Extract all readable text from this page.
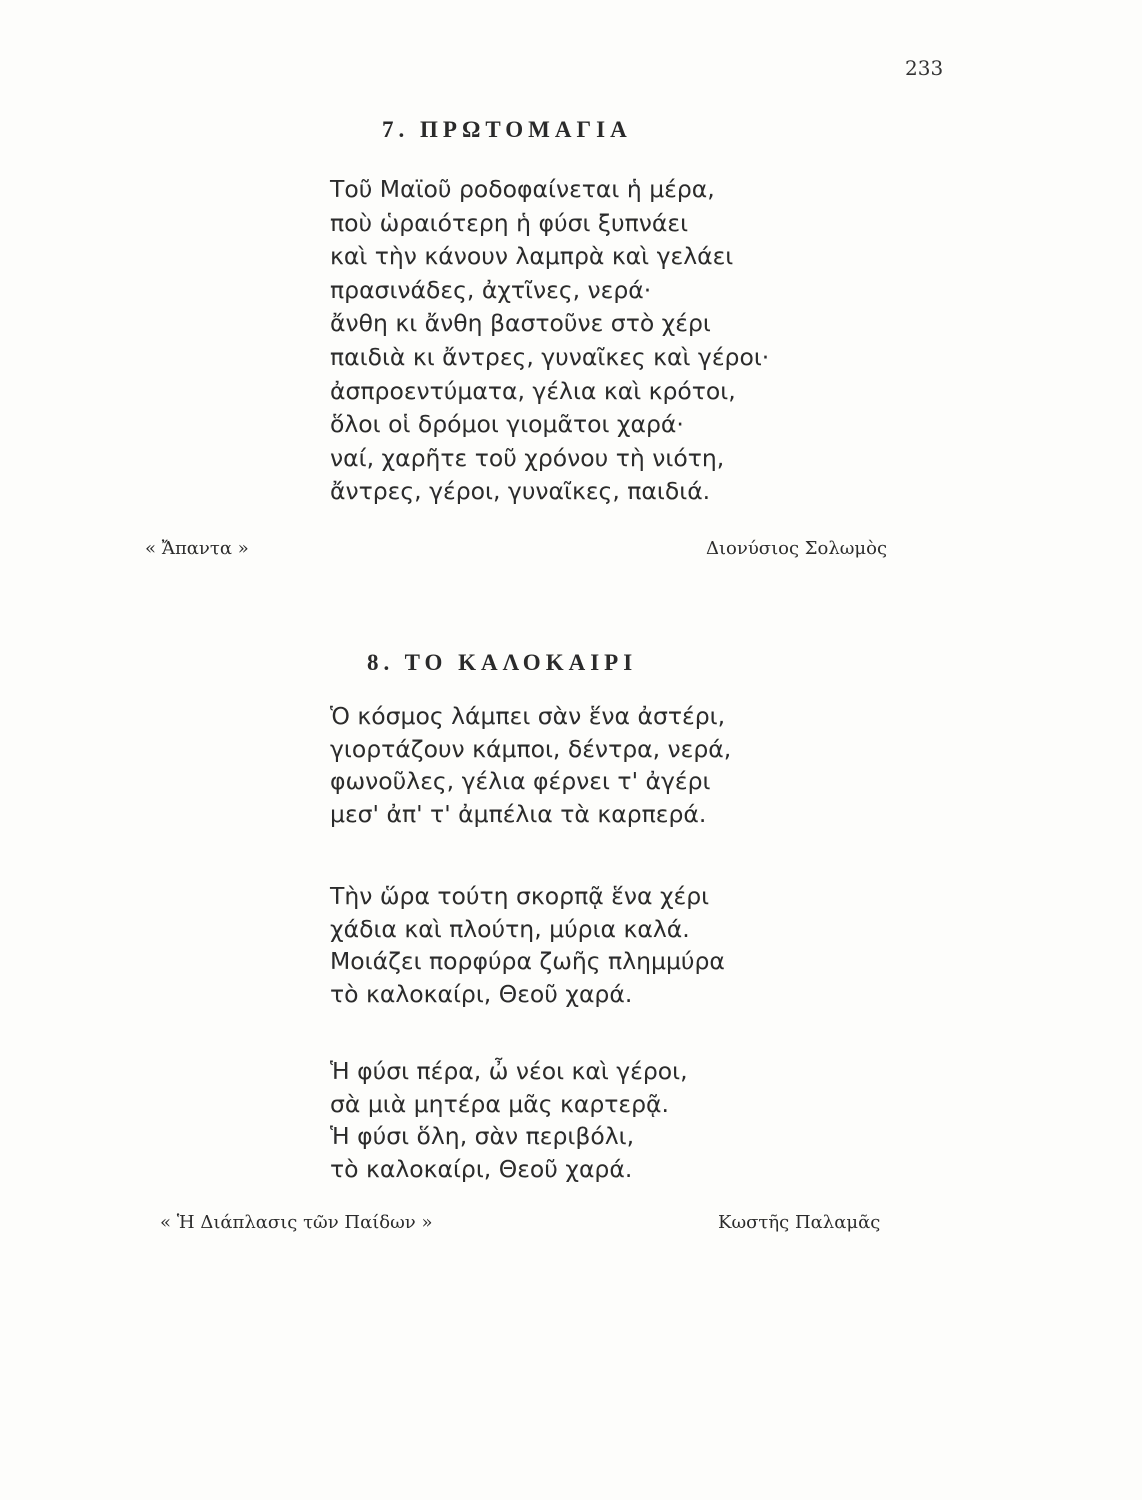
233
7. ΠΡΩΤΟΜΑΓΙΑ
Τοῦ Μαϊοῦ ροδοφαίνεται ἡ μέρα,
ποὺ ὡραιότερη ἡ φύσι ξυπνάει
καὶ τὴν κάνουν λαμπρὰ καὶ γελάει
πρασινάδες, ἀχτῖνες, νερά·
ἄνθη κι ἄνθη βαστοῦνε στὸ χέρι
παιδιὰ κι ἄντρες, γυναῖκες καὶ γέροι·
ἀσπροεντύματα, γέλια καὶ κρότοι,
ὅλοι οἱ δρόμοι γιομᾶτοι χαρά·
ναί, χαρῆτε τοῦ χρόνου τὴ νιότη,
ἄντρες, γέροι, γυναῖκες, παιδιά.
« Ἄπαντα »	Διονύσιος Σολωμὸς
8. ΤΟ ΚΑΛΟΚΑΙΡΙ
Ὁ κόσμος λάμπει σὰν ἕνα ἀστέρι,
γιορτάζουν κάμποι, δέντρα, νερά,
φωνοῦλες, γέλια φέρνει τ' ἀγέρι
μεσ' ἀπ' τ' ἀμπέλια τὰ καρπερά.
Τὴν ὥρα τούτη σκορπᾷ ἕνα χέρι
χάδια καὶ πλούτη, μύρια καλά.
Μοιάζει πορφύρα ζωῆς πλημμύρα
τὸ καλοκαίρι, Θεοῦ χαρά.
Ἡ φύσι πέρα, ὦ νέοι καὶ γέροι,
σὰ μιὰ μητέρα μᾶς καρτερᾷ.
Ἡ φύσι ὅλη, σὰν περιβόλι,
τὸ καλοκαίρι, Θεοῦ χαρά.
« Ἡ Διάπλασις τῶν Παίδων »	Κωστῆς Παλαμᾶς
